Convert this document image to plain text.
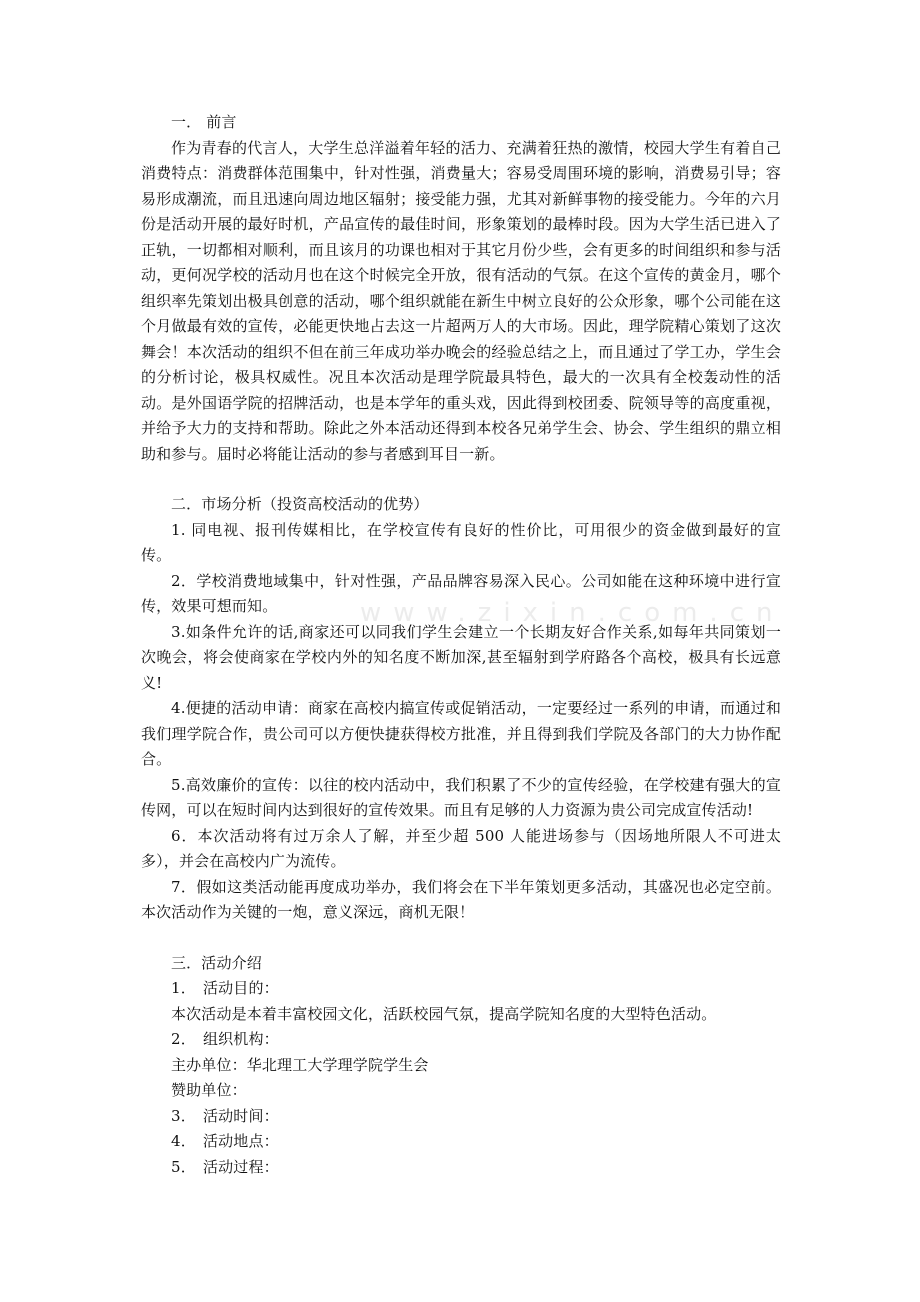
www.zixin.com.cn

一． 前言

作为青春的代言人，大学生总洋溢着年轻的活力、充满着狂热的激情，校园大学生有着自己消费特点：消费群体范围集中，针对性强，消费量大；容易受周围环境的影响，消费易引导；容易形成潮流，而且迅速向周边地区辐射；接受能力强，尤其对新鲜事物的接受能力。今年的六月份是活动开展的最好时机，产品宣传的最佳时间，形象策划的最棒时段。因为大学生活已进入了正轨，一切都相对顺利，而且该月的功课也相对于其它月份少些，会有更多的时间组织和参与活动，更何况学校的活动月也在这个时候完全开放，很有活动的气氛。在这个宣传的黄金月，哪个组织率先策划出极具创意的活动，哪个组织就能在新生中树立良好的公众形象，哪个公司能在这个月做最有效的宣传，必能更快地占去这一片超两万人的大市场。因此，理学院精心策划了这次舞会！本次活动的组织不但在前三年成功举办晚会的经验总结之上，而且通过了学工办，学生会的分析讨论，极具权威性。况且本次活动是理学院最具特色，最大的一次具有全校轰动性的活动。是外国语学院的招牌活动，也是本学年的重头戏，因此得到校团委、院领导等的高度重视，并给予大力的支持和帮助。除此之外本活动还得到本校各兄弟学生会、协会、学生组织的鼎立相助和参与。届时必将能让活动的参与者感到耳目一新。

二．市场分析（投资高校活动的优势）

1. 同电视、报刊传媒相比，在学校宣传有良好的性价比，可用很少的资金做到最好的宣传。

2．学校消费地域集中，针对性强，产品品牌容易深入民心。公司如能在这种环境中进行宣传，效果可想而知。

3.如条件允许的话,商家还可以同我们学生会建立一个长期友好合作关系,如每年共同策划一次晚会，将会使商家在学校内外的知名度不断加深,甚至辐射到学府路各个高校，极具有长远意义!

4.便捷的活动申请：商家在高校内搞宣传或促销活动，一定要经过一系列的申请，而通过和我们理学院合作，贵公司可以方便快捷获得校方批准，并且得到我们学院及各部门的大力协作配合。

5.高效廉价的宣传：以往的校内活动中，我们积累了不少的宣传经验，在学校建有强大的宣传网，可以在短时间内达到很好的宣传效果。而且有足够的人力资源为贵公司完成宣传活动!

6．本次活动将有过万余人了解，并至少超 500 人能进场参与（因场地所限人不可进太多），并会在高校内广为流传。

7．假如这类活动能再度成功举办，我们将会在下半年策划更多活动，其盛况也必定空前。本次活动作为关键的一炮，意义深远，商机无限！

三．活动介绍

1． 活动目的：

本次活动是本着丰富校园文化，活跃校园气氛，提高学院知名度的大型特色活动。

2． 组织机构：

主办单位：华北理工大学理学院学生会

赞助单位：

3． 活动时间：

4． 活动地点：

5． 活动过程：
